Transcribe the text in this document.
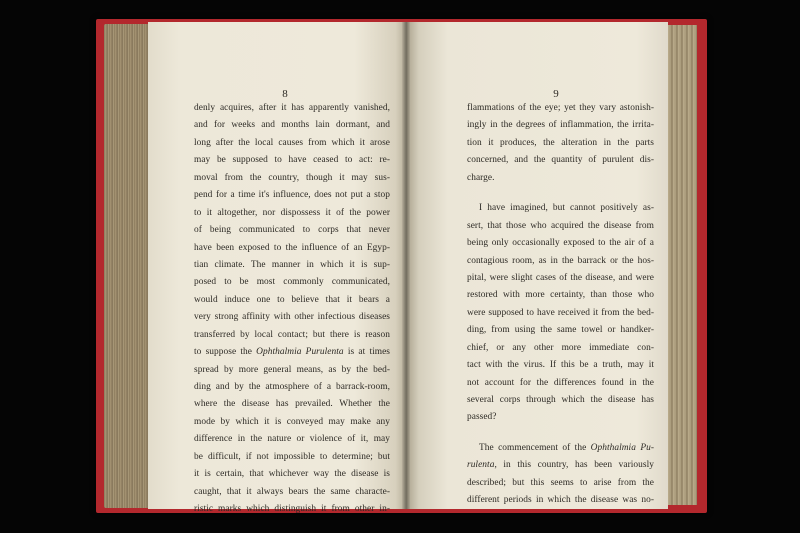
8
denly acquires, after it has apparently vanished,
and for weeks and months lain dormant, and
long after the local causes from which it arose
may be supposed to have ceased to act: re-
moval from the country, though it may sus-
pend for a time it's influence, does not put a stop
to it altogether, nor dispossess it of the power
of being communicated to corps that never
have been exposed to the influence of an Egyp-
tian climate. The manner in which it is sup-
posed to be most commonly communicated,
would induce one to believe that it bears a
very strong affinity with other infectious diseases
transferred by local contact; but there is reason
to suppose the Ophthalmia Purulenta is at times
spread by more general means, as by the bed-
ding and by the atmosphere of a barrack-room,
where the disease has prevailed. Whether the
mode by which it is conveyed may make any
difference in the nature or violence of it, may
be difficult, if not impossible to determine; but
it is certain, that whichever way the disease is
caught, that it always bears the same characte-
ristic marks which distinguish it from other in-
9
flammations of the eye; yet they vary astonish-
ingly in the degrees of inflammation, the irrita-
tion it produces, the alteration in the parts
concerned, and the quantity of purulent dis-
charge.
I have imagined, but cannot positively as-
sert, that those who acquired the disease from
being only occasionally exposed to the air of a
contagious room, as in the barrack or the hos-
pital, were slight cases of the disease, and were
restored with more certainty, than those who
were supposed to have received it from the bed-
ding, from using the same towel or handker-
chief, or any other more immediate con-
tact with the virus. If this be a truth, may it
not account for the differences found in the
several corps through which the disease has
passed?
The commencement of the Ophthalmia Pu-
rulenta, in this country, has been variously
described; but this seems to arise from the
different periods in which the disease was no-
